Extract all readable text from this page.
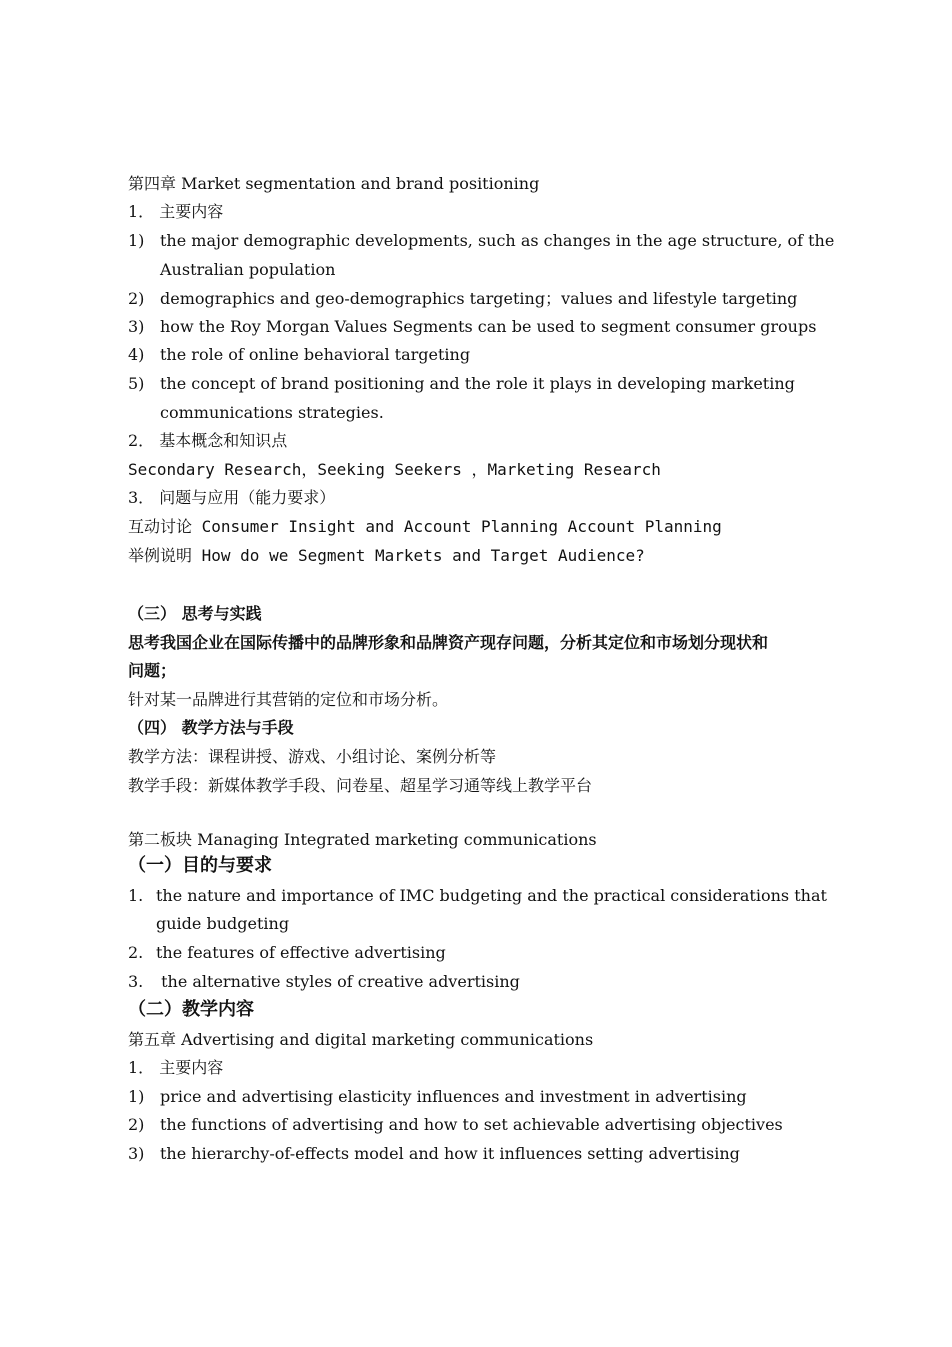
第四章 Market segmentation and brand positioning
1． 主要内容
1) the major demographic developments, such as changes in the age structure, of the
Australian population
2) demographics and geo-demographics targeting；values and lifestyle targeting
3) how the Roy Morgan Values Segments can be used to segment consumer groups
4) the role of online behavioral targeting
5) the concept of brand positioning and the role it plays in developing marketing
communications strategies.
2． 基本概念和知识点
Secondary Research，Seeking Seekers ，Marketing Research
3． 问题与应用（能力要求）
互动讨论 Consumer Insight and Account Planning Account Planning
举例说明 How do we Segment Markets and Target Audience?
（三） 思考与实践
思考我国企业在国际传播中的品牌形象和品牌资产现存问题，分析其定位和市场划分现状和
问题；
针对某一品牌进行其营销的定位和市场分析。
（四） 教学方法与手段
教学方法：课程讲授、游戏、小组讨论、案例分析等
教学手段：新媒体教学手段、问卷星、超星学习通等线上教学平台
第二板块 Managing Integrated marketing communications
（一）目的与要求
1. the nature and importance of IMC budgeting and the practical considerations that
guide budgeting
2. the features of effective advertising
3. the alternative styles of creative advertising
（二）教学内容
第五章 Advertising and digital marketing communications
1． 主要内容
1) price and advertising elasticity influences and investment in advertising
2) the functions of advertising and how to set achievable advertising objectives
3) the hierarchy-of-effects model and how it influences setting advertising
